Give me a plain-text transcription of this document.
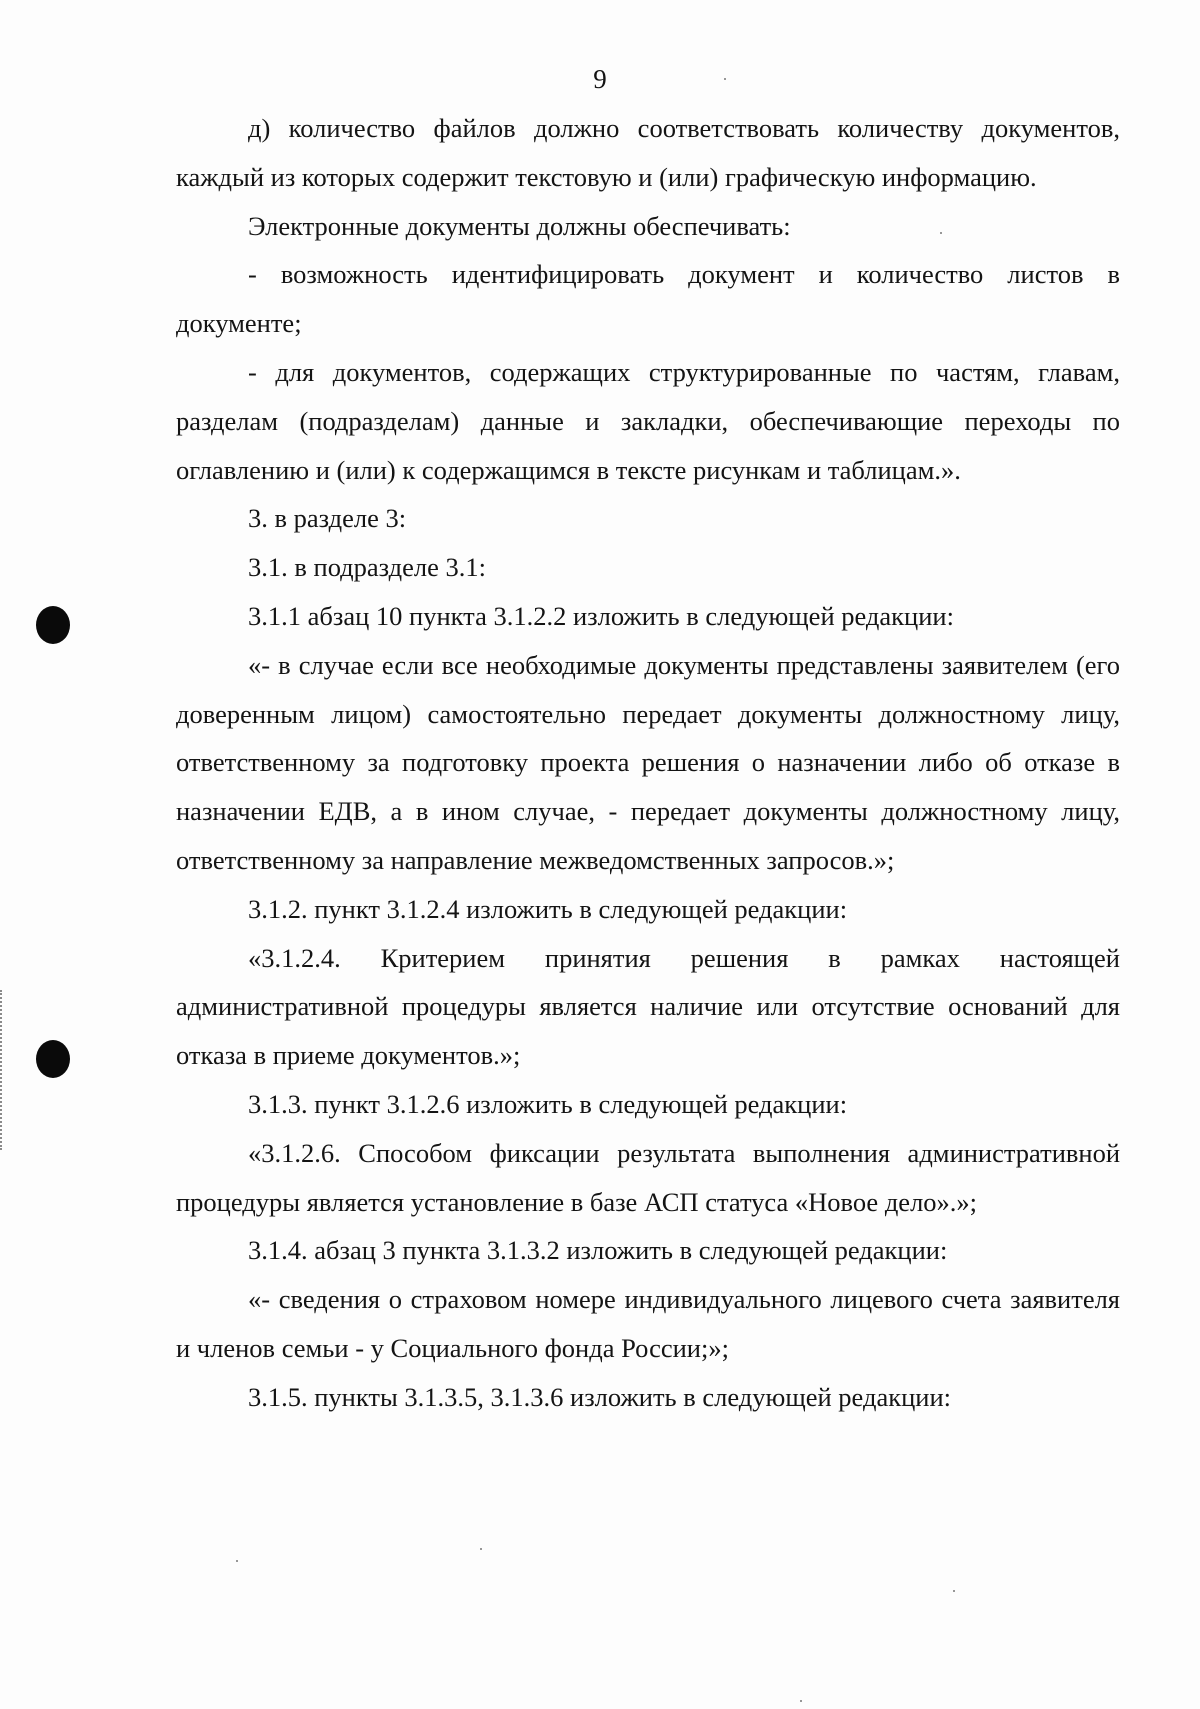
9

д) количество файлов должно соответствовать количеству документов, каждый из которых содержит текстовую и (или) графическую информацию.

Электронные документы должны обеспечивать:

- возможность идентифицировать документ и количество листов в документе;

- для документов, содержащих структурированные по частям, главам, разделам (подразделам) данные и закладки, обеспечивающие переходы по оглавлению и (или) к содержащимся в тексте рисункам и таблицам.».

3. в разделе 3:

3.1. в подразделе 3.1:

3.1.1 абзац 10 пункта 3.1.2.2 изложить в следующей редакции:

«- в случае если все необходимые документы представлены заявителем (его доверенным лицом) самостоятельно передает документы должностному лицу, ответственному за подготовку проекта решения о назначении либо об отказе в назначении ЕДВ, а в ином случае, - передает документы должностному лицу, ответственному за направление межведомственных запросов.»;

3.1.2. пункт 3.1.2.4 изложить в следующей редакции:

«3.1.2.4. Критерием принятия решения в рамках настоящей административной процедуры является наличие или отсутствие оснований для отказа в приеме документов.»;

3.1.3. пункт 3.1.2.6 изложить в следующей редакции:

«3.1.2.6. Способом фиксации результата выполнения административной процедуры является установление в базе АСП статуса «Новое дело».»;

3.1.4. абзац 3 пункта 3.1.3.2 изложить в следующей редакции:

«- сведения о страховом номере индивидуального лицевого счета заявителя и членов семьи - у Социального фонда России;»;

3.1.5. пункты 3.1.3.5, 3.1.3.6 изложить в следующей редакции:
